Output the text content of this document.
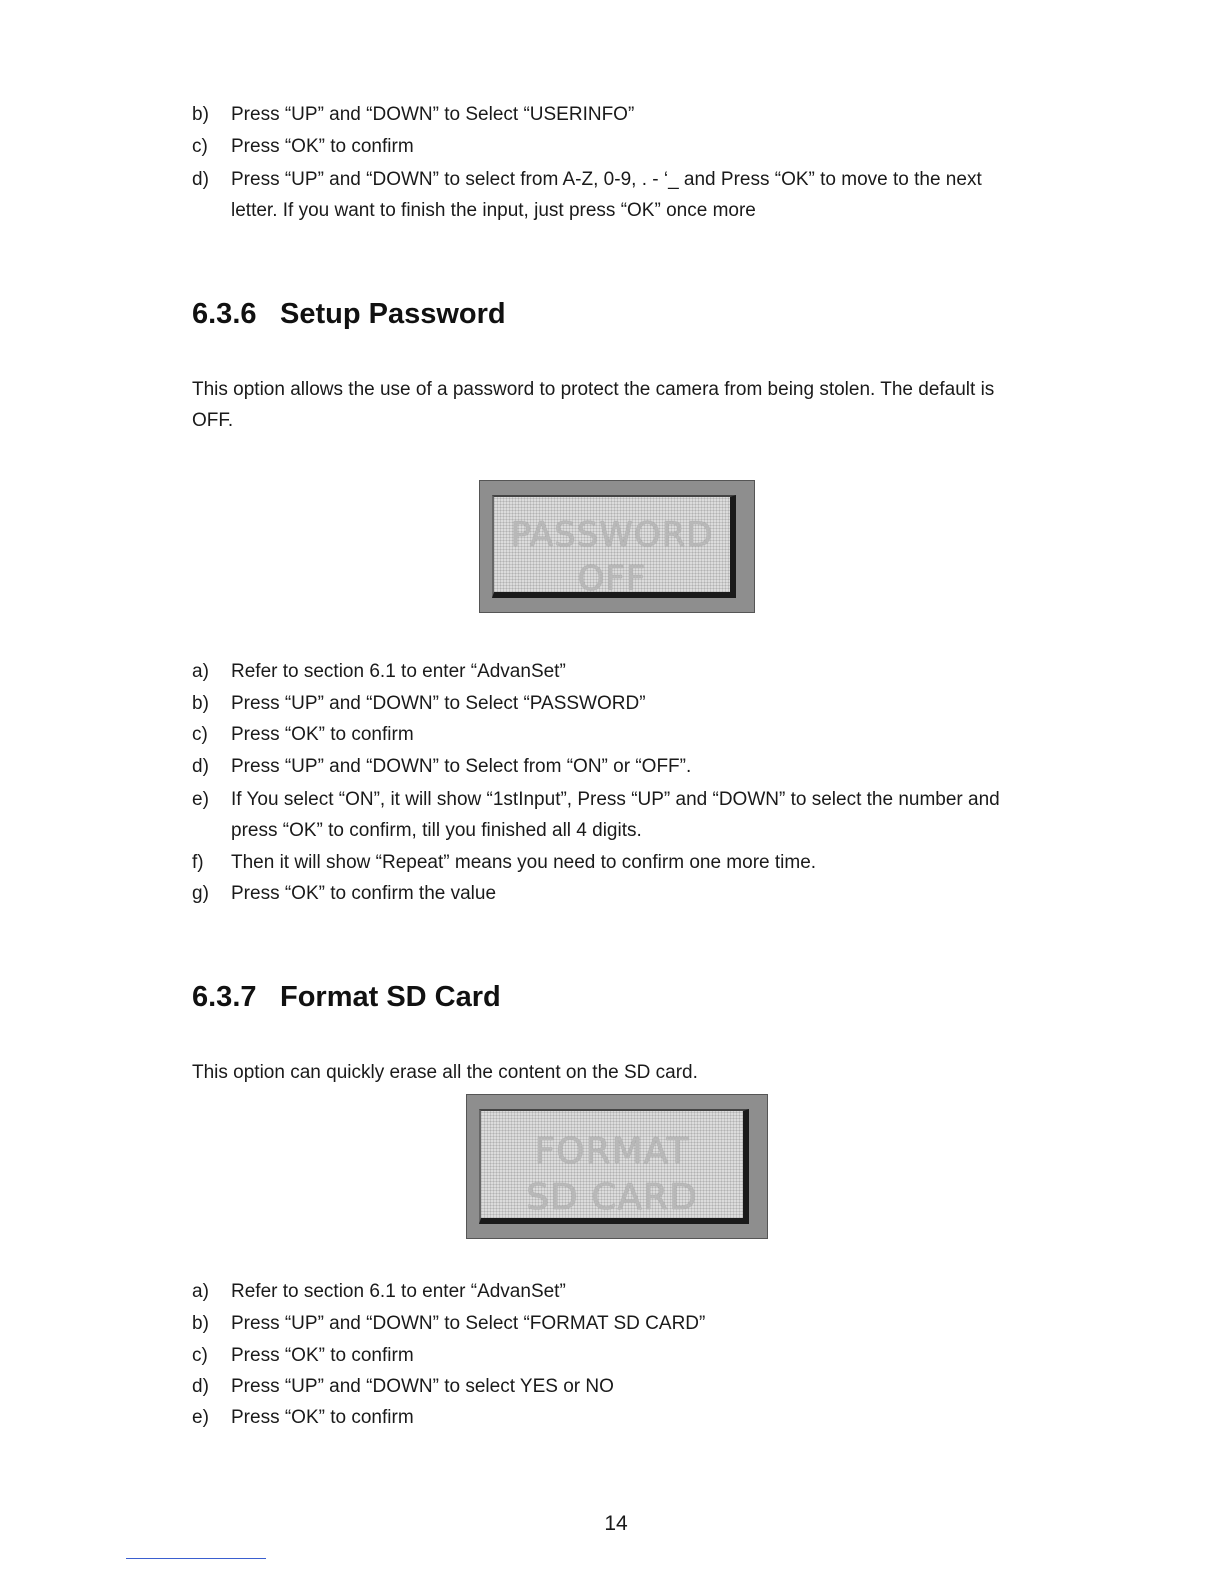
b) Press “UP” and “DOWN” to Select “USERINFO”
c) Press “OK” to confirm
d) Press “UP” and “DOWN” to select from A-Z, 0-9, . - ‘_ and Press “OK” to move to the next
letter. If you want to finish the input, just press “OK” once more
6.3.6 Setup Password

This option allows the use of a password to protect the camera from being stolen. The default is
OFF.

PASSWORD
OFF
a) Refer to section 6.1 to enter “AdvanSet”
b) Press “UP” and “DOWN” to Select “PASSWORD”
c) Press “OK” to confirm
d) Press “UP” and “DOWN” to Select from “ON” or “OFF”.
e) If You select “ON”, it will show “1stInput”, Press “UP” and “DOWN” to select the number and
press “OK” to confirm, till you finished all 4 digits.
f) Then it will show “Repeat” means you need to confirm one more time.
g) Press “OK” to confirm the value
6.3.7 Format SD Card

This option can quickly erase all the content on the SD card.

FORMAT
SD CARD
a) Refer to section 6.1 to enter “AdvanSet”
b) Press “UP” and “DOWN” to Select “FORMAT SD CARD”
c) Press “OK” to confirm
d) Press “UP” and “DOWN” to select YES or NO
e) Press “OK” to confirm
14
